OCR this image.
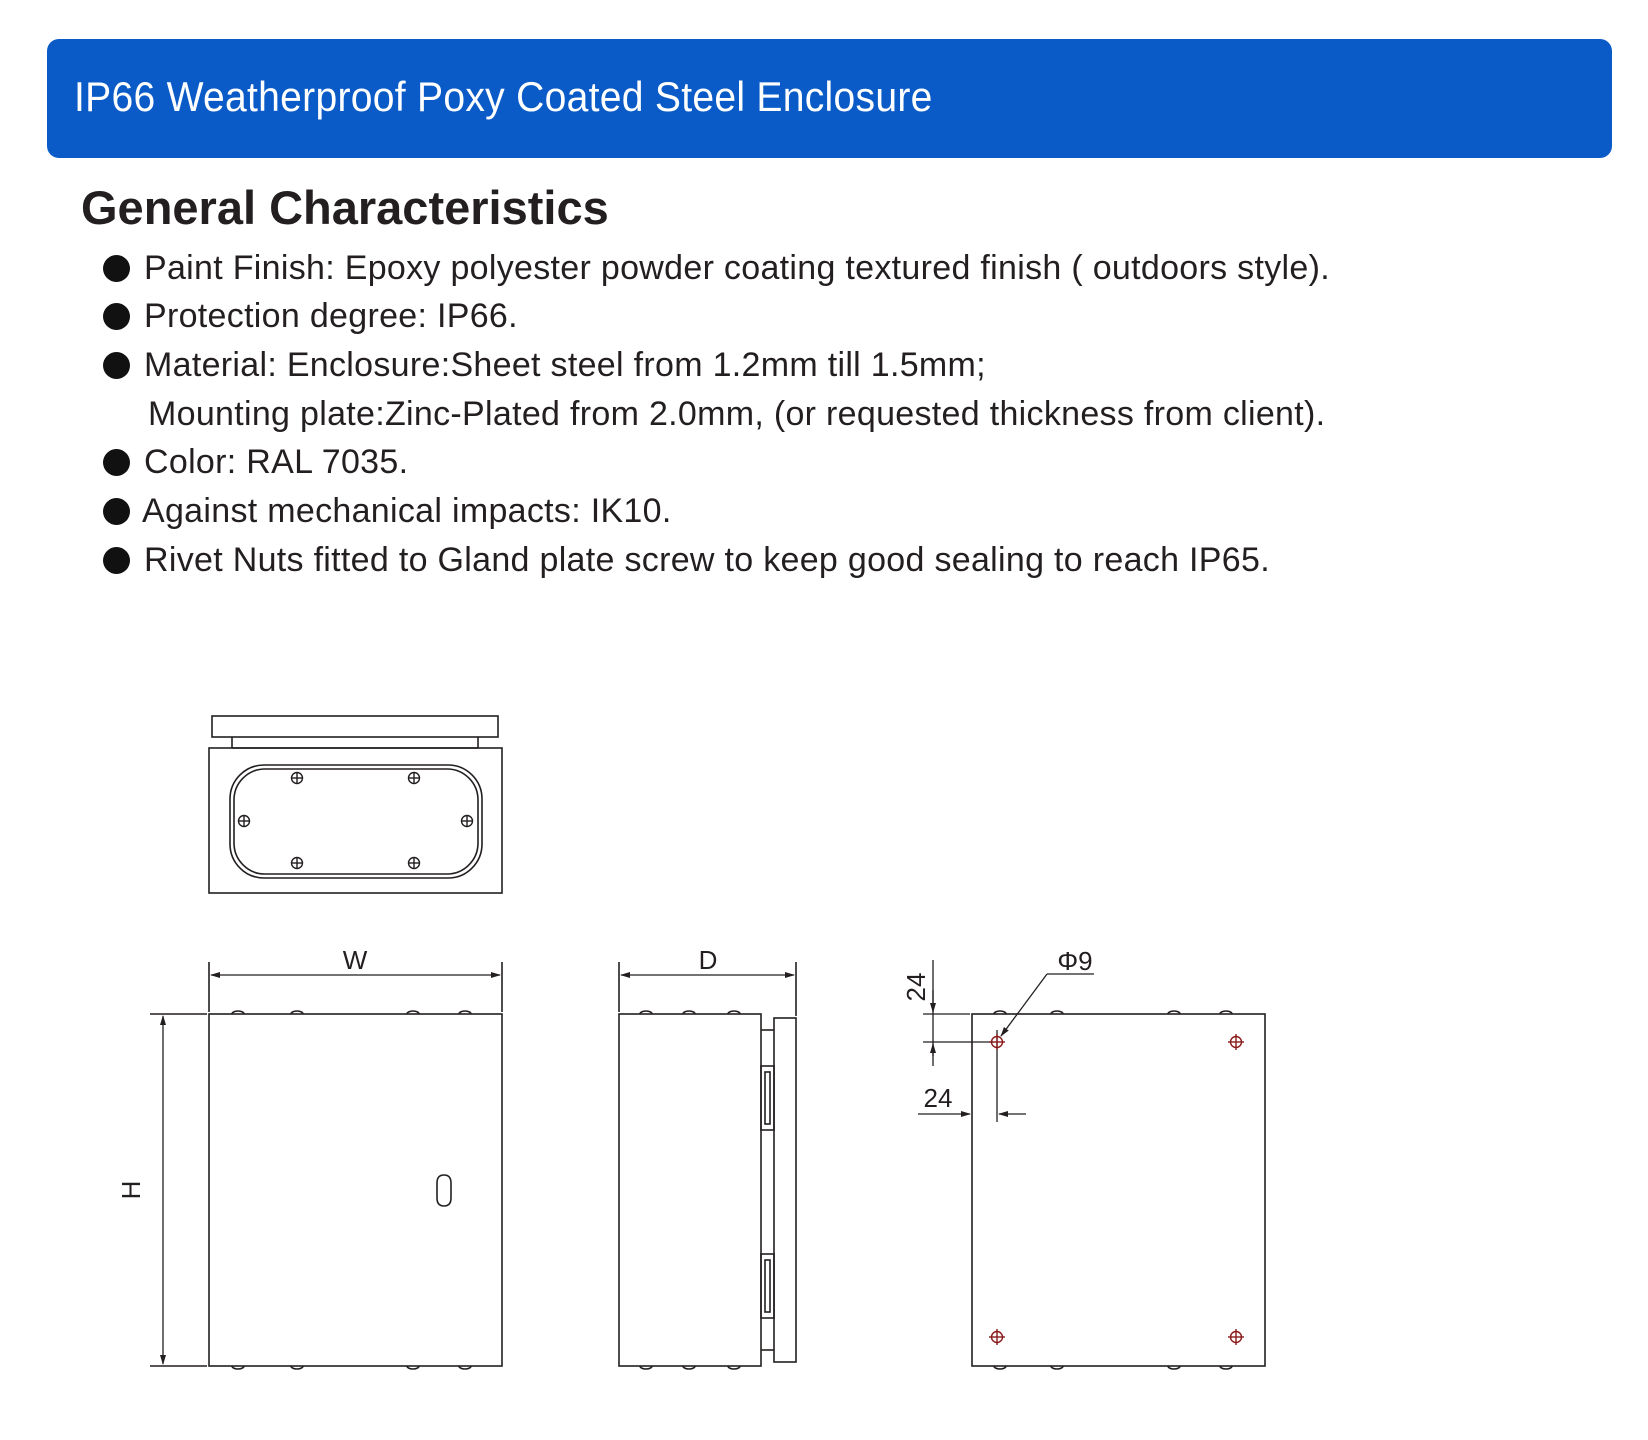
IP66 Weatherproof Poxy Coated Steel Enclosure
General Characteristics
Paint Finish: Epoxy polyester powder coating textured finish ( outdoors style).
Protection degree: IP66.
Material: Enclosure:Sheet steel from 1.2mm till 1.5mm;
Mounting plate:Zinc-Plated from 2.0mm, (or requested thickness from client).
Color: RAL 7035.
Against mechanical impacts: IK10.
Rivet Nuts fitted to Gland plate screw to keep good sealing to reach IP65.
W
H
D	Φ9
24
24
